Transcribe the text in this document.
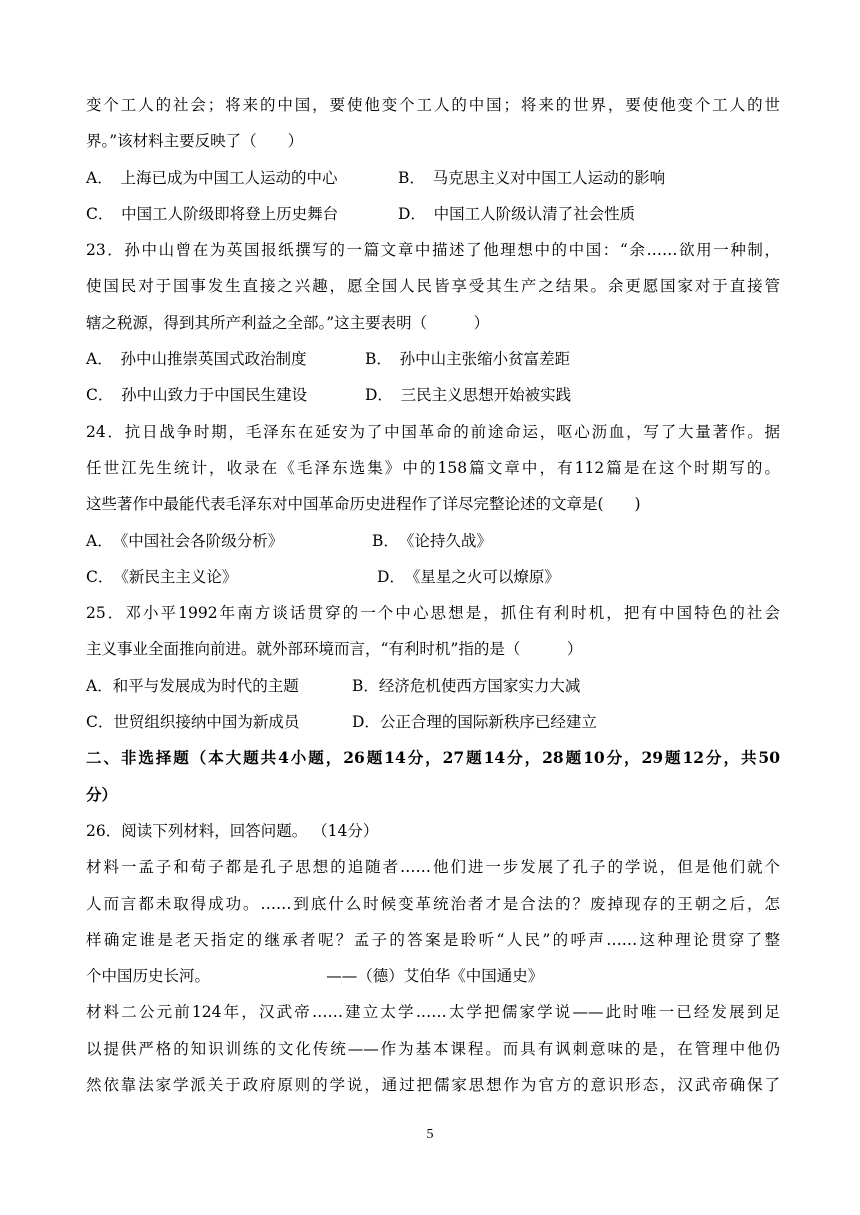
变个工人的社会；将来的中国，要使他变个工人的中国；将来的世界，要使他变个工人的世
界。”该材料主要反映了（　　）
A．　上海已成为中国工人运动的中心	B．　马克思主义对中国工人运动的影响
C．　中国工人阶级即将登上历史舞台	D．　中国工人阶级认清了社会性质
23．孙中山曾在为英国报纸撰写的一篇文章中描述了他理想中的中国：“余……欲用一种制，
使国民对于国事发生直接之兴趣，愿全国人民皆享受其生产之结果。余更愿国家对于直接管
辖之税源，得到其所产利益之全部。”这主要表明（　　　）
A．　孙中山推崇英国式政治制度	B．　孙中山主张缩小贫富差距
C．　孙中山致力于中国民生建设	D．　三民主义思想开始被实践
24．抗日战争时期，毛泽东在延安为了中国革命的前途命运，呕心沥血，写了大量著作。据
任世江先生统计，收录在《毛泽东选集》中的158篇文章中，有112篇是在这个时期写的。
这些著作中最能代表毛泽东对中国革命历史进程作了详尽完整论述的文章是(　　)
A．　《中国社会各阶级分析》	B．　《论持久战》
C．　《新民主主义论》	D．　《星星之火可以燎原》
25．邓小平1992年南方谈话贯穿的一个中心思想是，抓住有利时机，把有中国特色的社会
主义事业全面推向前进。就外部环境而言，“有利时机”指的是（　　　）
A．和平与发展成为时代的主题	B．经济危机使西方国家实力大减
C．世贸组织接纳中国为新成员	D．公正合理的国际新秩序已经建立
二、非选择题（本大题共4小题，26题14分，27题14分，28题10分，29题12分，共50
分）
26．阅读下列材料，回答问题。 （14分）
材料一孟子和荀子都是孔子思想的追随者……他们进一步发展了孔子的学说，但是他们就个
人而言都未取得成功。……到底什么时候变革统治者才是合法的？废掉现存的王朝之后，怎
样确定谁是老天指定的继承者呢？孟子的答案是聆听“人民”的呼声……这种理论贯穿了整
个中国历史长河。　　　　　　　　——（德）艾伯华《中国通史》
材料二公元前124年，汉武帝……建立太学……太学把儒家学说——此时唯一已经发展到足
以提供严格的知识训练的文化传统——作为基本课程。而具有讽刺意味的是，在管理中他仍
然依靠法家学派关于政府原则的学说，通过把儒家思想作为官方的意识形态，汉武帝确保了
5
